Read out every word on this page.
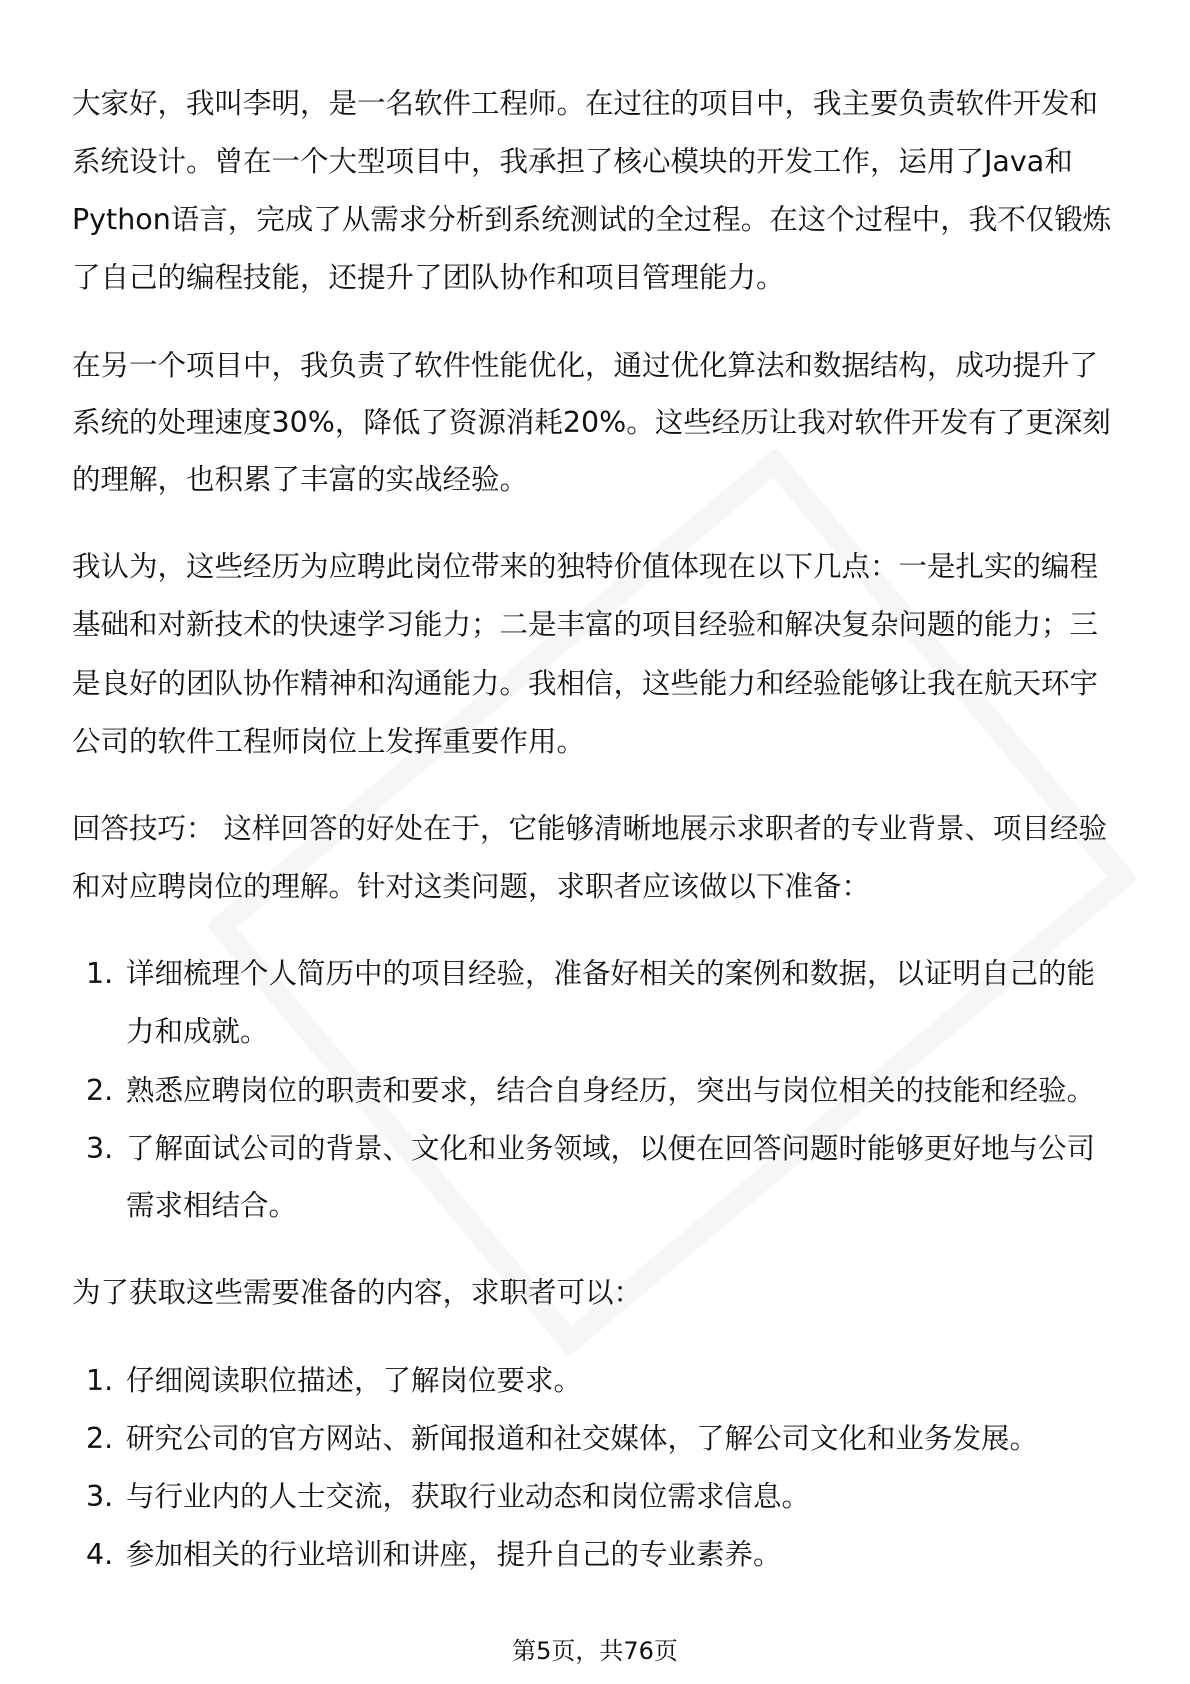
大家好，我叫李明，是一名软件工程师。在过往的项目中，我主要负责软件开发和
系统设计。曾在一个大型项目中，我承担了核心模块的开发工作，运用了Java和
Python语言，完成了从需求分析到系统测试的全过程。在这个过程中，我不仅锻炼
了自己的编程技能，还提升了团队协作和项目管理能力。
在另一个项目中，我负责了软件性能优化，通过优化算法和数据结构，成功提升了
系统的处理速度30%，降低了资源消耗20%。这些经历让我对软件开发有了更深刻
的理解，也积累了丰富的实战经验。
我认为，这些经历为应聘此岗位带来的独特价值体现在以下几点：一是扎实的编程
基础和对新技术的快速学习能力；二是丰富的项目经验和解决复杂问题的能力；三
是良好的团队协作精神和沟通能力。我相信，这些能力和经验能够让我在航天环宇
公司的软件工程师岗位上发挥重要作用。
回答技巧： 这样回答的好处在于，它能够清晰地展示求职者的专业背景、项目经验
和对应聘岗位的理解。针对这类问题，求职者应该做以下准备：
1. 详细梳理个人简历中的项目经验，准备好相关的案例和数据，以证明自己的能
力和成就。
2. 熟悉应聘岗位的职责和要求，结合自身经历，突出与岗位相关的技能和经验。
3. 了解面试公司的背景、文化和业务领域，以便在回答问题时能够更好地与公司
需求相结合。
为了获取这些需要准备的内容，求职者可以：
1. 仔细阅读职位描述，了解岗位要求。
2. 研究公司的官方网站、新闻报道和社交媒体，了解公司文化和业务发展。
3. 与行业内的人士交流，获取行业动态和岗位需求信息。
4. 参加相关的行业培训和讲座，提升自己的专业素养。
第5页，共76页
